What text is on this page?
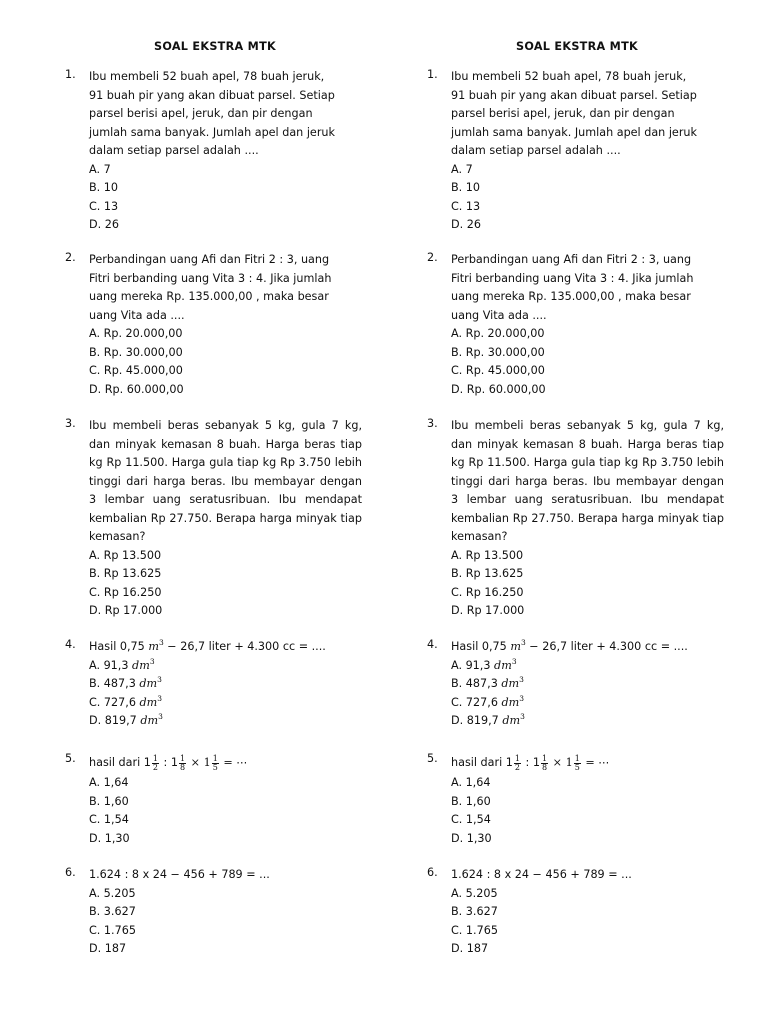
SOAL EKSTRA MTK
1.	Ibu membeli 52 buah apel, 78 buah jeruk,
91 buah pir yang akan dibuat parsel. Setiap
parsel berisi apel, jeruk, dan pir dengan
jumlah sama banyak. Jumlah apel dan jeruk
dalam setiap parsel adalah ....
A. 7
B. 10
C. 13
D. 26
2.	Perbandingan uang Afi dan Fitri 2 : 3, uang
Fitri berbanding uang Vita 3 : 4. Jika jumlah
uang mereka Rp. 135.000,00 , maka besar
uang Vita ada ....
A. Rp. 20.000,00
B. Rp. 30.000,00
C. Rp. 45.000,00
D. Rp. 60.000,00
3.	Ibu membeli beras sebanyak 5 kg, gula 7 kg, dan minyak kemasan 8 buah. Harga beras tiap kg Rp 11.500. Harga gula tiap kg Rp 3.750 lebih tinggi dari harga beras. Ibu membayar dengan 3 lembar uang seratusribuan. Ibu mendapat kembalian Rp 27.750. Berapa harga minyak tiap kemasan?
A. Rp 13.500
B. Rp 13.625
C. Rp 16.250
D. Rp 17.000
4.	Hasil 0,75 $m^3 - 26,7$ liter + 4.300 cc = ....
A. 91,3 $dm^3$
B. 487,3 $dm^3$
C. 727,6 $dm^3$
D. 819,7 $dm^3$
5.	hasil dari $1 \frac{1}{2}$ : $1 \frac{1}{8} \times 1 \frac{1}{5}$ = ⋯
A. 1,64
B. 1,60
C. 1,54
D. 1,30
6.	1.624 : 8 x 24 − 456 + 789 = ...
A. 5.205
B. 3.627
C. 1.765
D. 187
SOAL EKSTRA MTK
1.	Ibu membeli 52 buah apel, 78 buah jeruk,
91 buah pir yang akan dibuat parsel. Setiap
parsel berisi apel, jeruk, dan pir dengan
jumlah sama banyak. Jumlah apel dan jeruk
dalam setiap parsel adalah ....
A. 7
B. 10
C. 13
D. 26
2.	Perbandingan uang Afi dan Fitri 2 : 3, uang
Fitri berbanding uang Vita 3 : 4. Jika jumlah
uang mereka Rp. 135.000,00 , maka besar
uang Vita ada ....
A. Rp. 20.000,00
B. Rp. 30.000,00
C. Rp. 45.000,00
D. Rp. 60.000,00
3.	Ibu membeli beras sebanyak 5 kg, gula 7 kg, dan minyak kemasan 8 buah. Harga beras tiap kg Rp 11.500. Harga gula tiap kg Rp 3.750 lebih tinggi dari harga beras. Ibu membayar dengan 3 lembar uang seratusribuan. Ibu mendapat kembalian Rp 27.750. Berapa harga minyak tiap kemasan?
A. Rp 13.500
B. Rp 13.625
C. Rp 16.250
D. Rp 17.000
4.	Hasil 0,75 $m^3 - 26,7$ liter + 4.300 cc = ....
A. 91,3 $dm^3$
B. 487,3 $dm^3$
C. 727,6 $dm^3$
D. 819,7 $dm^3$
5.	hasil dari $1 \frac{1}{2}$ : $1 \frac{1}{8} \times 1 \frac{1}{5}$ = ⋯
A. 1,64
B. 1,60
C. 1,54
D. 1,30
6.	1.624 : 8 x 24 − 456 + 789 = ...
A. 5.205
B. 3.627
C. 1.765
D. 187
